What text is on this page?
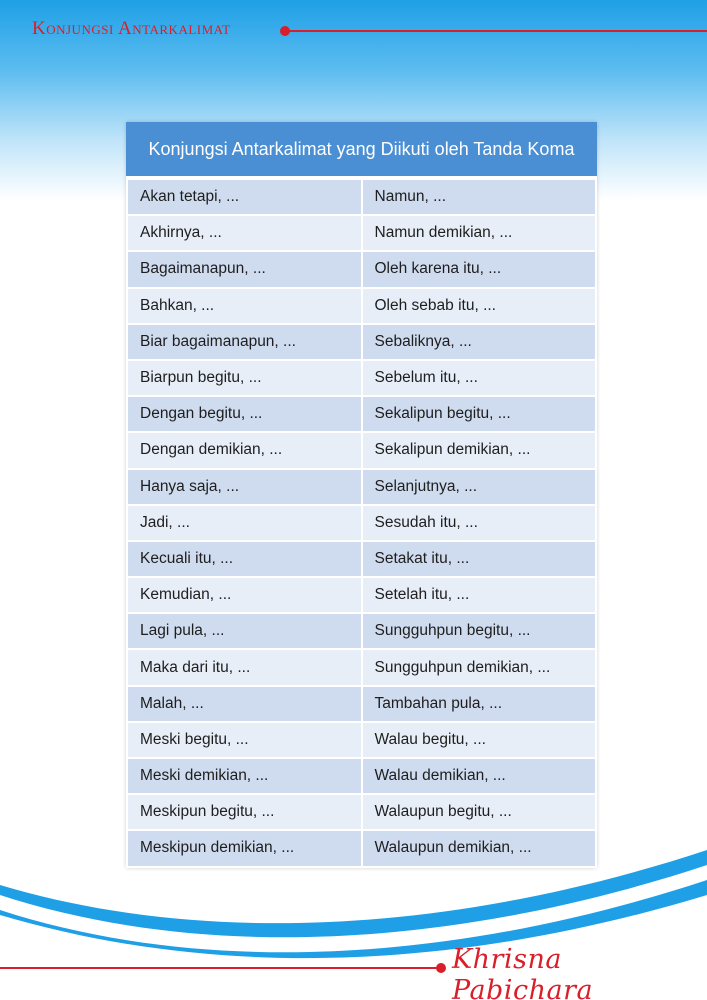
Konjungsi Antarkalimat
Konjungsi Antarkalimat yang Diikuti oleh Tanda Koma
Akan tetapi, ...	Namun, ...
Akhirnya, ...	Namun demikian, ...
Bagaimanapun, ...	Oleh karena itu, ...
Bahkan, ...	Oleh sebab itu, ...
Biar bagaimanapun, ...	Sebaliknya, ...
Biarpun begitu, ...	Sebelum itu, ...
Dengan begitu, ...	Sekalipun begitu, ...
Dengan demikian, ...	Sekalipun demikian, ...
Hanya saja, ...	Selanjutnya, ...
Jadi, ...	Sesudah itu, ...
Kecuali itu, ...	Setakat itu, ...
Kemudian, ...	Setelah itu, ...
Lagi pula, ...	Sungguhpun begitu, ...
Maka dari itu, ...	Sungguhpun demikian, ...
Malah, ...	Tambahan pula, ...
Meski begitu, ...	Walau begitu, ...
Meski demikian, ...	Walau demikian, ...
Meskipun begitu, ...	Walaupun begitu, ...
Meskipun demikian, ...	Walaupun demikian, ...
Khrisna Pabichara
